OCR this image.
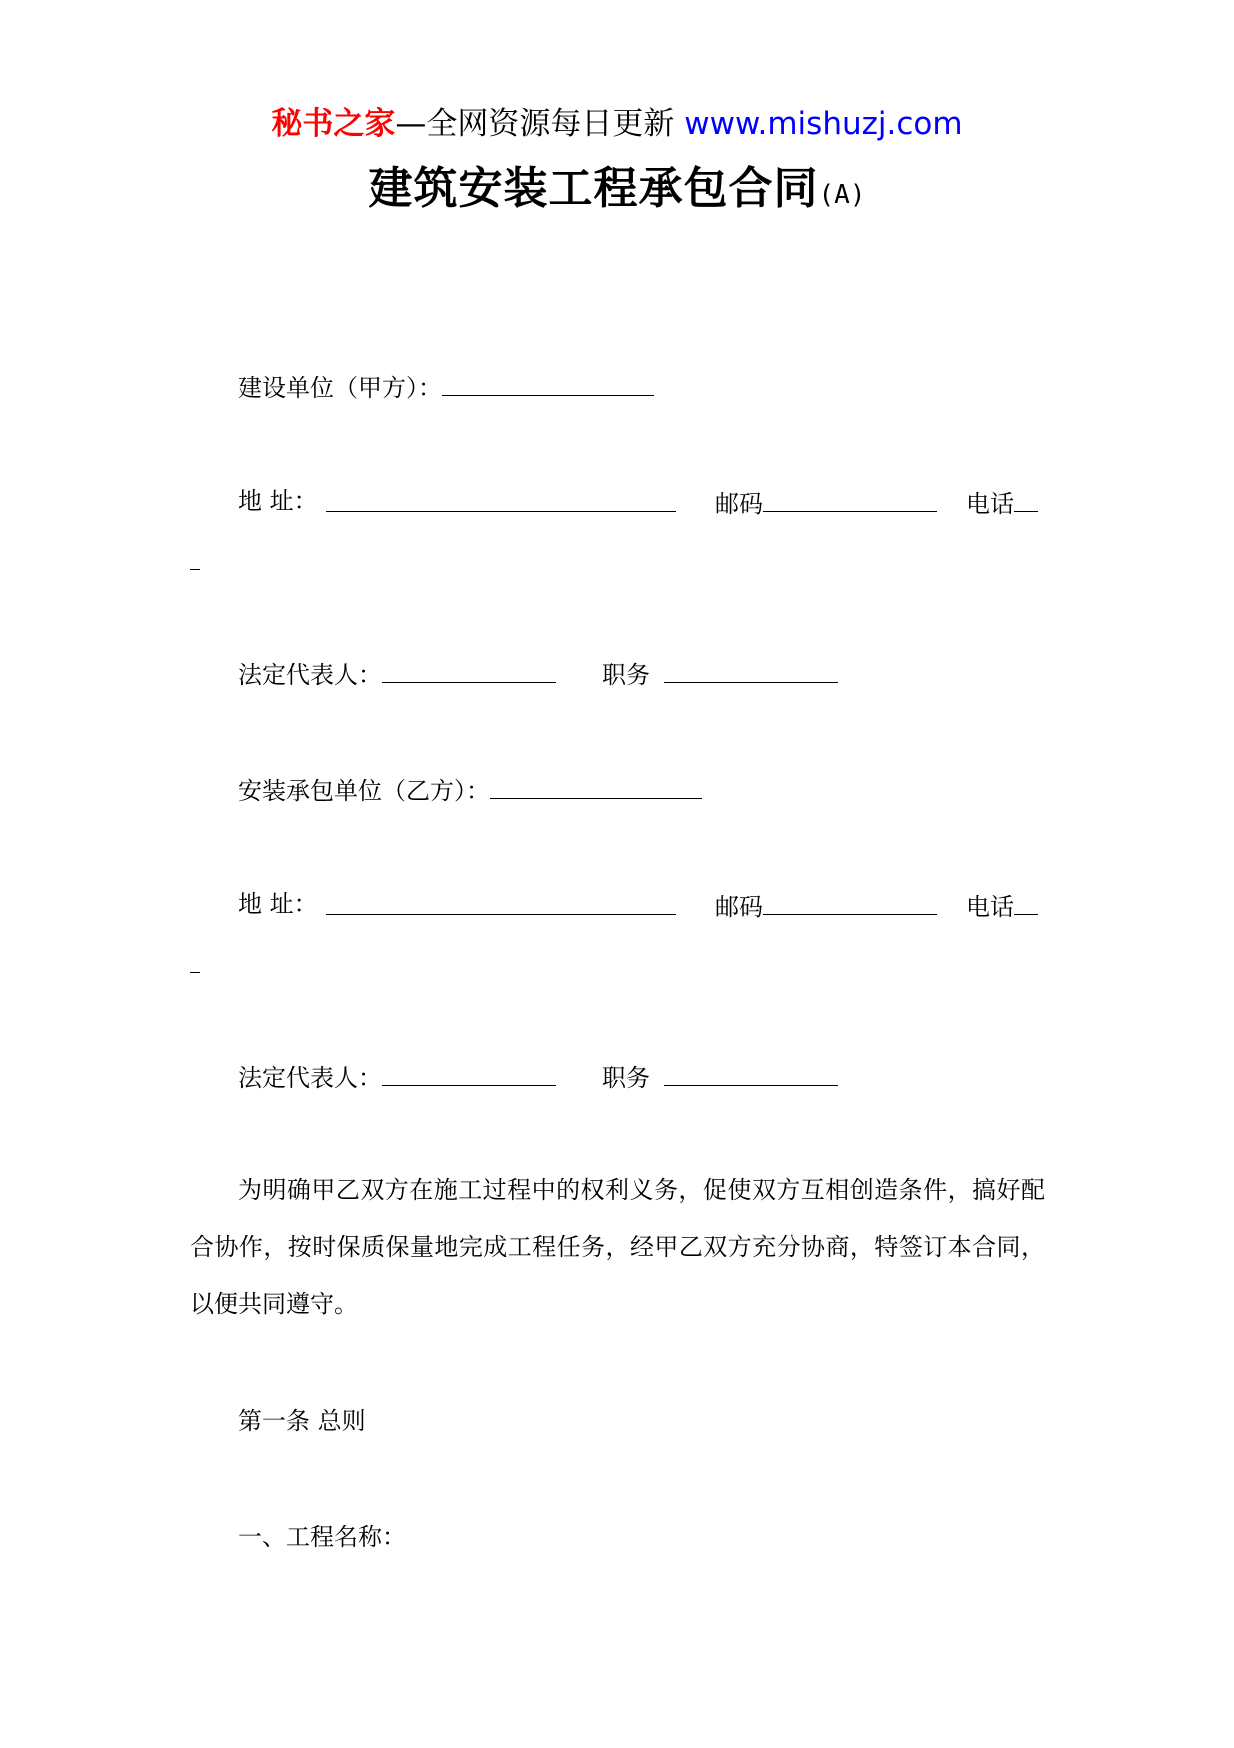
秘书之家—全网资源每日更新 www.mishuzj.com
建筑安装工程承包合同(A)
建设单位（甲方）：
地 址：	邮码	电话
法定代表人：	职务
安装承包单位（乙方）：
地 址：	邮码	电话
法定代表人：	职务
为明确甲乙双方在施工过程中的权利义务，促使双方互相创造条件，搞好配合协作，按时保质保量地完成工程任务，经甲乙双方充分协商，特签订本合同，以便共同遵守。
第一条 总则
一、工程名称：
